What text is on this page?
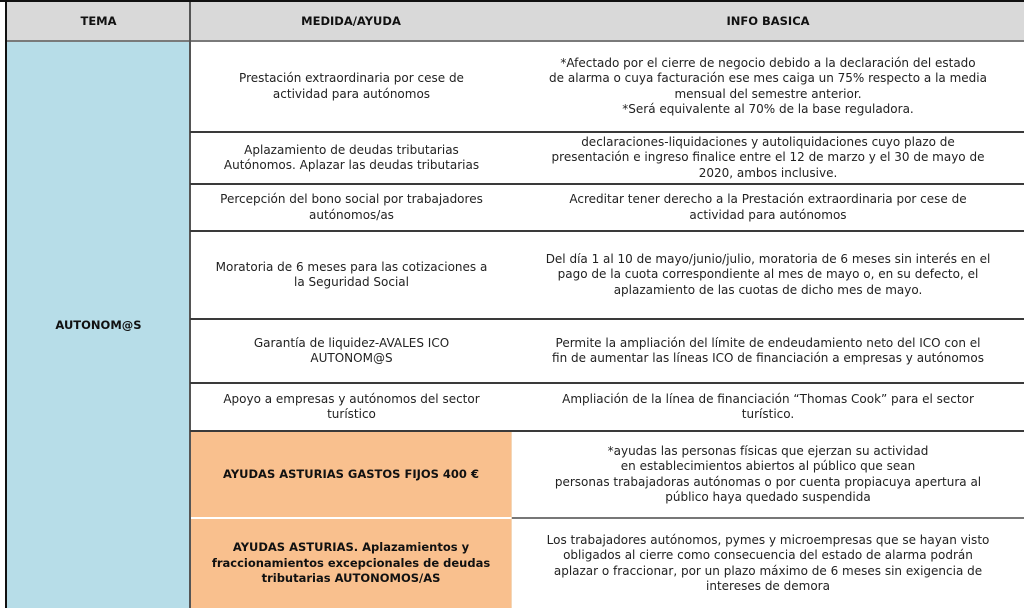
TEMA	MEDIDA/AYUDA	INFO BASICA
AUTONOM@S
Prestación extraordinaria por cese de
actividad para autónomos
*Afectado por el cierre de negocio debido a la declaración del estado
de alarma o cuya facturación ese mes caiga un 75% respecto a la media
mensual del semestre anterior.
*Será equivalente al 70% de la base reguladora.
Aplazamiento de deudas tributarias
Autónomos. Aplazar las deudas tributarias
declaraciones-liquidaciones y autoliquidaciones cuyo plazo de
presentación e ingreso finalice entre el 12 de marzo y el 30 de mayo de
2020, ambos inclusive.
Percepción del bono social por trabajadores
autónomos/as
Acreditar tener derecho a la Prestación extraordinaria por cese de
actividad para autónomos
Moratoria de 6 meses para las cotizaciones a
la Seguridad Social
Del día 1 al 10 de mayo/junio/julio, moratoria de 6 meses sin interés en el
pago de la cuota correspondiente al mes de mayo o, en su defecto, el
aplazamiento de las cuotas de dicho mes de mayo.
Garantía de liquidez-AVALES ICO
AUTONOM@S
Permite la ampliación del límite de endeudamiento neto del ICO con el
fin de aumentar las líneas ICO de financiación a empresas y autónomos
Apoyo a empresas y autónomos del sector
turístico
Ampliación de la línea de financiación “Thomas Cook” para el sector
turístico.
AYUDAS ASTURIAS GASTOS FIJOS 400 €
*ayudas las personas físicas que ejerzan su actividad
en establecimientos abiertos al público que sean
personas trabajadoras autónomas o por cuenta propiacuya apertura al
público haya quedado suspendida
AYUDAS ASTURIAS. Aplazamientos y
fraccionamientos excepcionales de deudas
tributarias AUTONOMOS/AS
Los trabajadores autónomos, pymes y microempresas que se hayan visto
obligados al cierre como consecuencia del estado de alarma podrán
aplazar o fraccionar, por un plazo máximo de 6 meses sin exigencia de
intereses de demora
